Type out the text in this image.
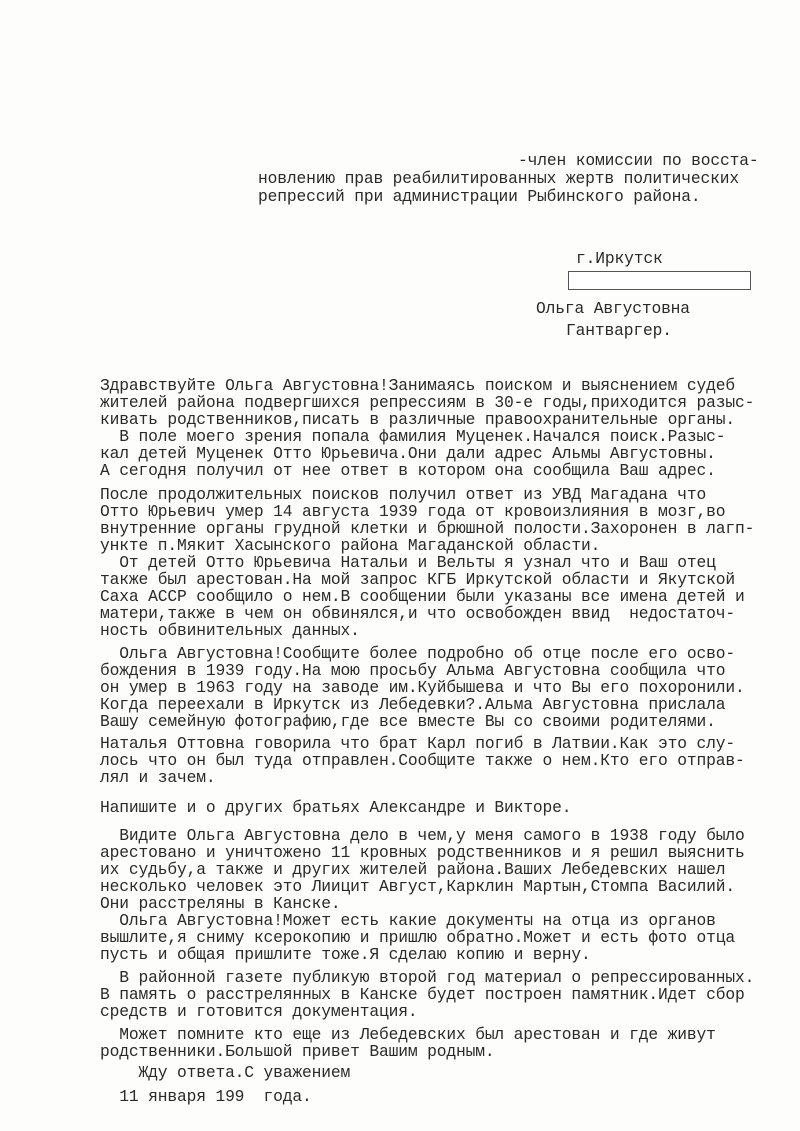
-член комиссии по восста-
новлению прав реабилитированных жертв политических
репрессий при администрации Рыбинского района.
г.Иркутск
Ольга Августовна
Гантваргер.
Здравствуйте Ольга Августовна!Занимаясь поиском и выяснением судеб
жителей района подвергшихся репрессиям в 30-е годы,приходится разыс-
кивать родственников,писать в различные правоохранительные органы.
В поле моего зрения попала фамилия Муценек.Начался поиск.Разыс-
кал детей Муценек Отто Юрьевича.Они дали адрес Альмы Августовны.
А сегодня получил от нее ответ в котором она сообщила Ваш адрес.
После продолжительных поисков получил ответ из УВД Магадана что
Отто Юрьевич умер 14 августа 1939 года от кровоизлияния в мозг,во
внутренние органы грудной клетки и брюшной полости.Захоронен в лагп-
ункте п.Мякит Хасынского района Магаданской области.
От детей Отто Юрьевича Натальи и Вельты я узнал что и Ваш отец
также был арестован.На мой запрос КГБ Иркутской области и Якутской
Саха АССР сообщило о нем.В сообщении были указаны все имена детей и
матери,также в чем он обвинялся,и что освобожден ввид  недостаточ-
ность обвинительных данных.
Ольга Августовна!Сообщите более подробно об отце после его осво-
бождения в 1939 году.На мою просьбу Альма Августовна сообщила что
он умер в 1963 году на заводе им.Куйбышева и что Вы его похоронили.
Когда переехали в Иркутск из Лебедевки?.Альма Августовна прислала
Вашу семейную фотографию,где все вместе Вы со своими родителями.
Наталья Оттовна говорила что брат Карл погиб в Латвии.Как это слу-
лось что он был туда отправлен.Сообщите также о нем.Кто его отправ-
лял и зачем.
Напишите и о других братьях Александре и Викторе.
Видите Ольга Августовна дело в чем,у меня самого в 1938 году было
арестовано и уничтожено 11 кровных родственников и я решил выяснить
их судьбу,а также и других жителей района.Ваших Лебедевских нашел
несколько человек это Лиицит Август,Карклин Мартын,Стомпа Василий.
Они расстреляны в Канске.
Ольга Августовна!Может есть какие документы на отца из органов
вышлите,я сниму ксерокопию и пришлю обратно.Может и есть фото отца
пусть и общая пришлите тоже.Я сделаю копию и верну.
В районной газете публикую второй год материал о репрессированных.
В память о расстрелянных в Канске будет построен памятник.Идет сбор
средств и готовится документация.
Может помните кто еще из Лебедевских был арестован и где живут
родственники.Большой привет Вашим родным.
Жду ответа.С уважением
11 января 199  года.
